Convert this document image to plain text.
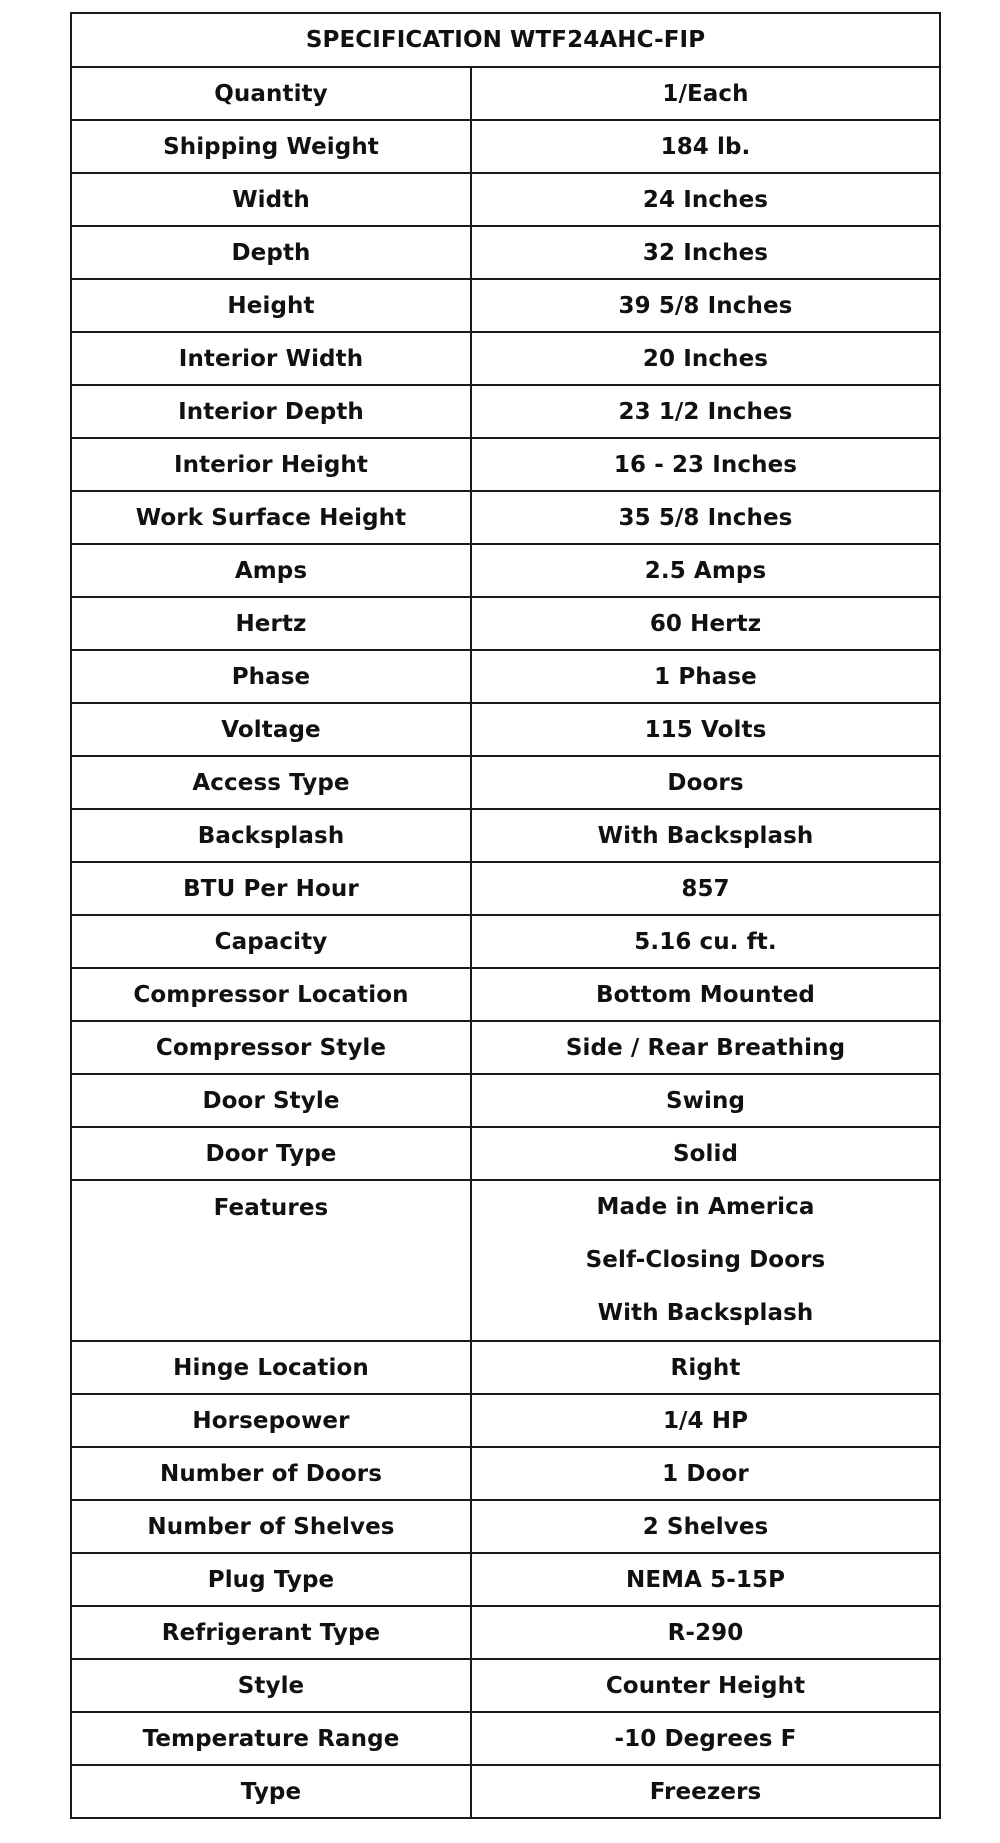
SPECIFICATION WTF24AHC-FIP	
Quantity	1/Each
Shipping Weight	184 lb.
Width	24 Inches
Depth	32 Inches
Height	39 5/8 Inches
Interior Width	20 Inches
Interior Depth	23 1/2 Inches
Interior Height	16 - 23 Inches
Work Surface Height	35 5/8 Inches
Amps	2.5 Amps
Hertz	60 Hertz
Phase	1 Phase
Voltage	115 Volts
Access Type	Doors
Backsplash	With Backsplash
BTU Per Hour	857
Capacity	5.16 cu. ft.
Compressor Location	Bottom Mounted
Compressor Style	Side / Rear Breathing
Door Style	Swing
Door Type	Solid
Features	Made in America
Self-Closing Doors
With Backsplash

Hinge Location	Right
Horsepower	1/4 HP
Number of Doors	1 Door
Number of Shelves	2 Shelves
Plug Type	NEMA 5-15P
Refrigerant Type	R-290
Style	Counter Height
Temperature Range	-10 Degrees F
Type	Freezers
